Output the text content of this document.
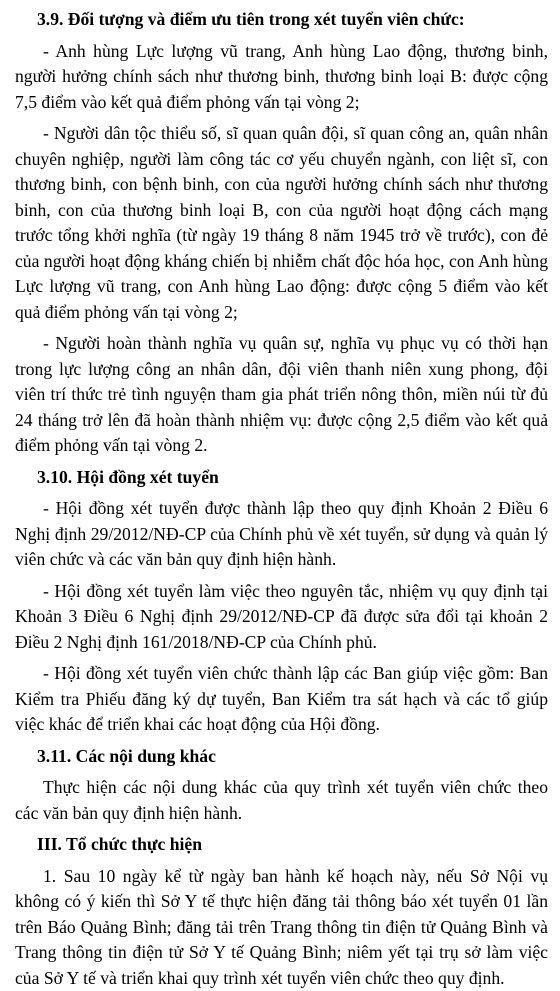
3.9. Đối tượng và điểm ưu tiên trong xét tuyển viên chức:

- Anh hùng Lực lượng vũ trang, Anh hùng Lao động, thương binh, người hưởng chính sách như thương binh, thương binh loại B: được cộng 7,5 điểm vào kết quả điểm phỏng vấn tại vòng 2;

- Người dân tộc thiểu số, sĩ quan quân đội, sĩ quan công an, quân nhân chuyên nghiệp, người làm công tác cơ yếu chuyển ngành, con liệt sĩ, con thương binh, con bệnh binh, con của người hưởng chính sách như thương binh, con của thương binh loại B, con của người hoạt động cách mạng trước tổng khởi nghĩa (từ ngày 19 tháng 8 năm 1945 trở về trước), con đẻ của người hoạt động kháng chiến bị nhiễm chất độc hóa học, con Anh hùng Lực lượng vũ trang, con Anh hùng Lao động: được cộng 5 điểm vào kết quả điểm phỏng vấn tại vòng 2;

- Người hoàn thành nghĩa vụ quân sự, nghĩa vụ phục vụ có thời hạn trong lực lượng công an nhân dân, đội viên thanh niên xung phong, đội viên trí thức trẻ tình nguyện tham gia phát triển nông thôn, miền núi từ đủ 24 tháng trở lên đã hoàn thành nhiệm vụ: được cộng 2,5 điểm vào kết quả điểm phỏng vấn tại vòng 2.

3.10. Hội đồng xét tuyển

- Hội đồng xét tuyển được thành lập theo quy định Khoản 2 Điều 6 Nghị định 29/2012/NĐ-CP của Chính phủ về xét tuyển, sử dụng và quản lý viên chức và các văn bản quy định hiện hành.

- Hội đồng xét tuyển làm việc theo nguyên tắc, nhiệm vụ quy định tại Khoản 3 Điều 6 Nghị định 29/2012/NĐ-CP đã được sửa đổi tại khoản 2 Điều 2 Nghị định 161/2018/NĐ-CP của Chính phủ.

- Hội đồng xét tuyển viên chức thành lập các Ban giúp việc gồm: Ban Kiểm tra Phiếu đăng ký dự tuyển, Ban Kiểm tra sát hạch và các tổ giúp việc khác để triển khai các hoạt động của Hội đồng.

3.11. Các nội dung khác

Thực hiện các nội dung khác của quy trình xét tuyển viên chức theo các văn bản quy định hiện hành.

III. Tổ chức thực hiện

1. Sau 10 ngày kể từ ngày ban hành kế hoạch này, nếu Sở Nội vụ không có ý kiến thì Sở Y tế thực hiện đăng tải thông báo xét tuyển 01 lần trên Báo Quảng Bình; đăng tải trên Trang thông tin điện tử Quảng Bình và Trang thông tin điện tử Sở Y tế Quảng Bình; niêm yết tại trụ sở làm việc của Sở Y tế và triển khai quy trình xét tuyển viên chức theo quy định.
